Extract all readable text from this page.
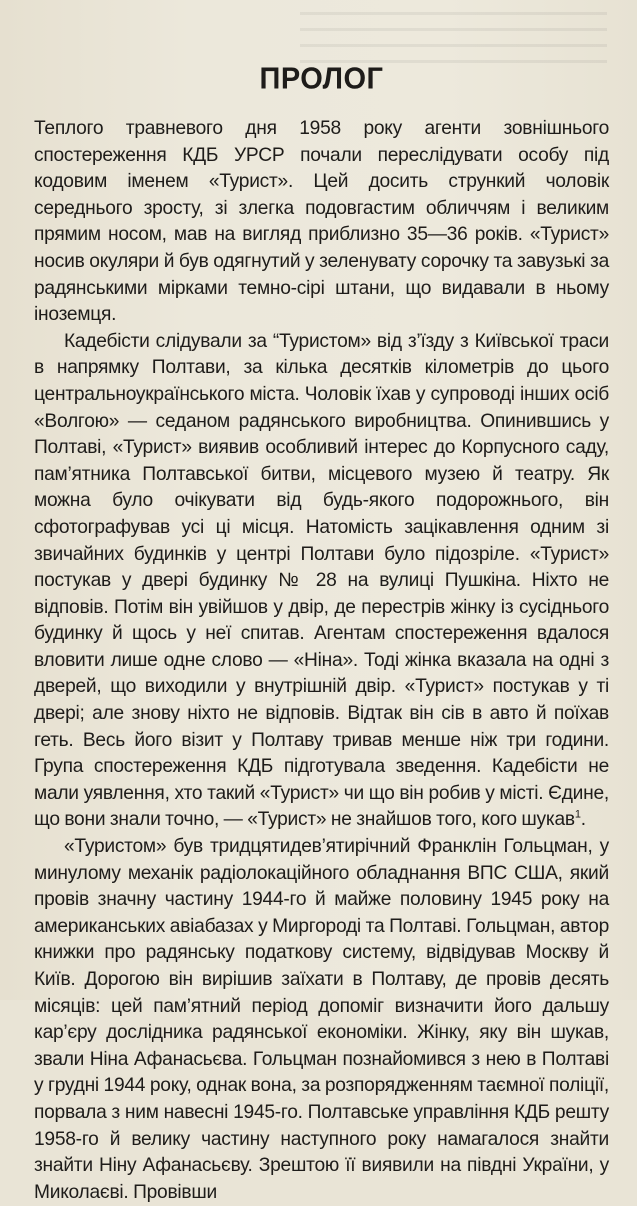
ПРОЛОГ

Теплого травневого дня 1958 року агенти зовнішнього спостереження КДБ УРСР почали переслідувати особу під кодовим іменем «Турист». Цей досить стрункий чоловік середнього зросту, зі злегка подовгастим обличчям і великим прямим носом, мав на вигляд приблизно 35—36 років. «Турист» носив окуляри й був одягнутий у зеленувату сорочку та завузькі за радянськими мірками темно-сірі штани, що видавали в ньому іноземця.

Кадебісти слідували за “Туристом» від з’їзду з Київської траси в напрямку Полтави, за кілька десятків кілометрів до цього центральноукраїнського міста. Чоловік їхав у супроводі інших осіб «Волгою» — седаном радянського виробництва. Опинившись у Полтаві, «Турист» виявив особливий інтерес до Корпусного саду, пам’ятника Полтавської битви, місцевого музею й театру. Як можна було очікувати від будь-якого подорожнього, він сфотографував усі ці місця. Натомість зацікавлення одним зі звичайних будинків у центрі Полтави було підозріле. «Турист» постукав у двері будинку № 28 на вулиці Пушкіна. Ніхто не відповів. Потім він увійшов у двір, де перестрів жінку із сусіднього будинку й щось у неї спитав. Агентам спостереження вдалося вловити лише одне слово — «Ніна». Тоді жінка вказала на одні з дверей, що виходили у внутрішній двір. «Турист» постукав у ті двері; але знову ніхто не відповів. Відтак він сів в авто й поїхав геть. Весь його візит у Полтаву тривав менше ніж три години. Група спостереження КДБ підготувала зведення. Кадебісти не мали уявлення, хто такий «Турист» чи що він робив у місті. Єдине, що вони знали точно, — «Турист» не знайшов того, кого шукав$^1$.

«Туристом» був тридцятидев’ятирічний Франклін Гольцман, у минулому механік радіолокаційного обладнання ВПС США, який провів значну частину 1944-го й майже половину 1945 року на американських авіабазах у Миргороді та Полтаві. Гольцман, автор книжки про радянську податкову систему, відвідував Москву й Київ. Дорогою він вирішив заїхати в Полтаву, де провів десять місяців: цей пам’ятний період допоміг визначити його дальшу кар’єру дослідника радянської економіки. Жінку, яку він шукав, звали Ніна Афанасьєва. Гольцман познайомився з нею в Полтаві у грудні 1944 року, однак вона, за розпорядженням таємної поліції, порвала з ним навесні 1945-го. Полтавське управління КДБ решту 1958-го й велику частину наступного року намагалося знайти знайти Ніну Афанасьєву. Зрештою її виявили на півдні України, у Миколаєві. Провівши
